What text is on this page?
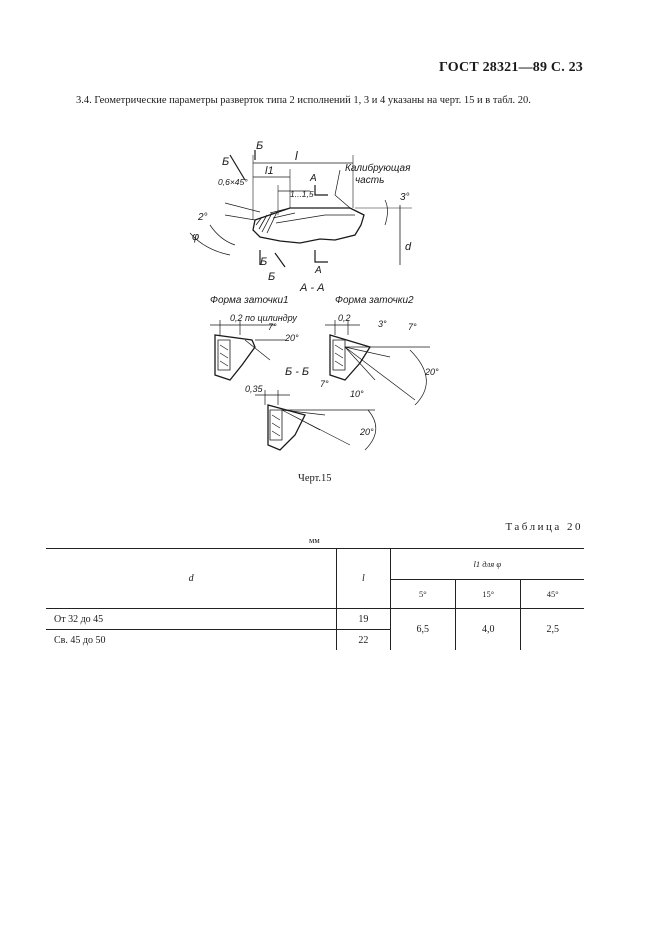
ГОСТ 28321—89 С. 23
3.4. Геометрические параметры разверток типа 2 исполнений 1, 3 и 4 указаны на черт. 15 и в табл. 20.
Б
Б	l
l1	Калибрующая
часть
0,6×45°	А
1...1,5	3°
2°
φ
d
Б
Б
А
А - А
Форма заточки1	Форма заточки2
0,2 по цилиндру
7°
20°
0,2
3° 7°
20°
Б - Б
0,35	7°
10°
20°
Черт.15
Таблица 20
мм
d	l	l1 для φ		
		5°	15°	45°
От 32 до 45	19	6,5	4,0	2,5
Св. 45 до 50	22			
